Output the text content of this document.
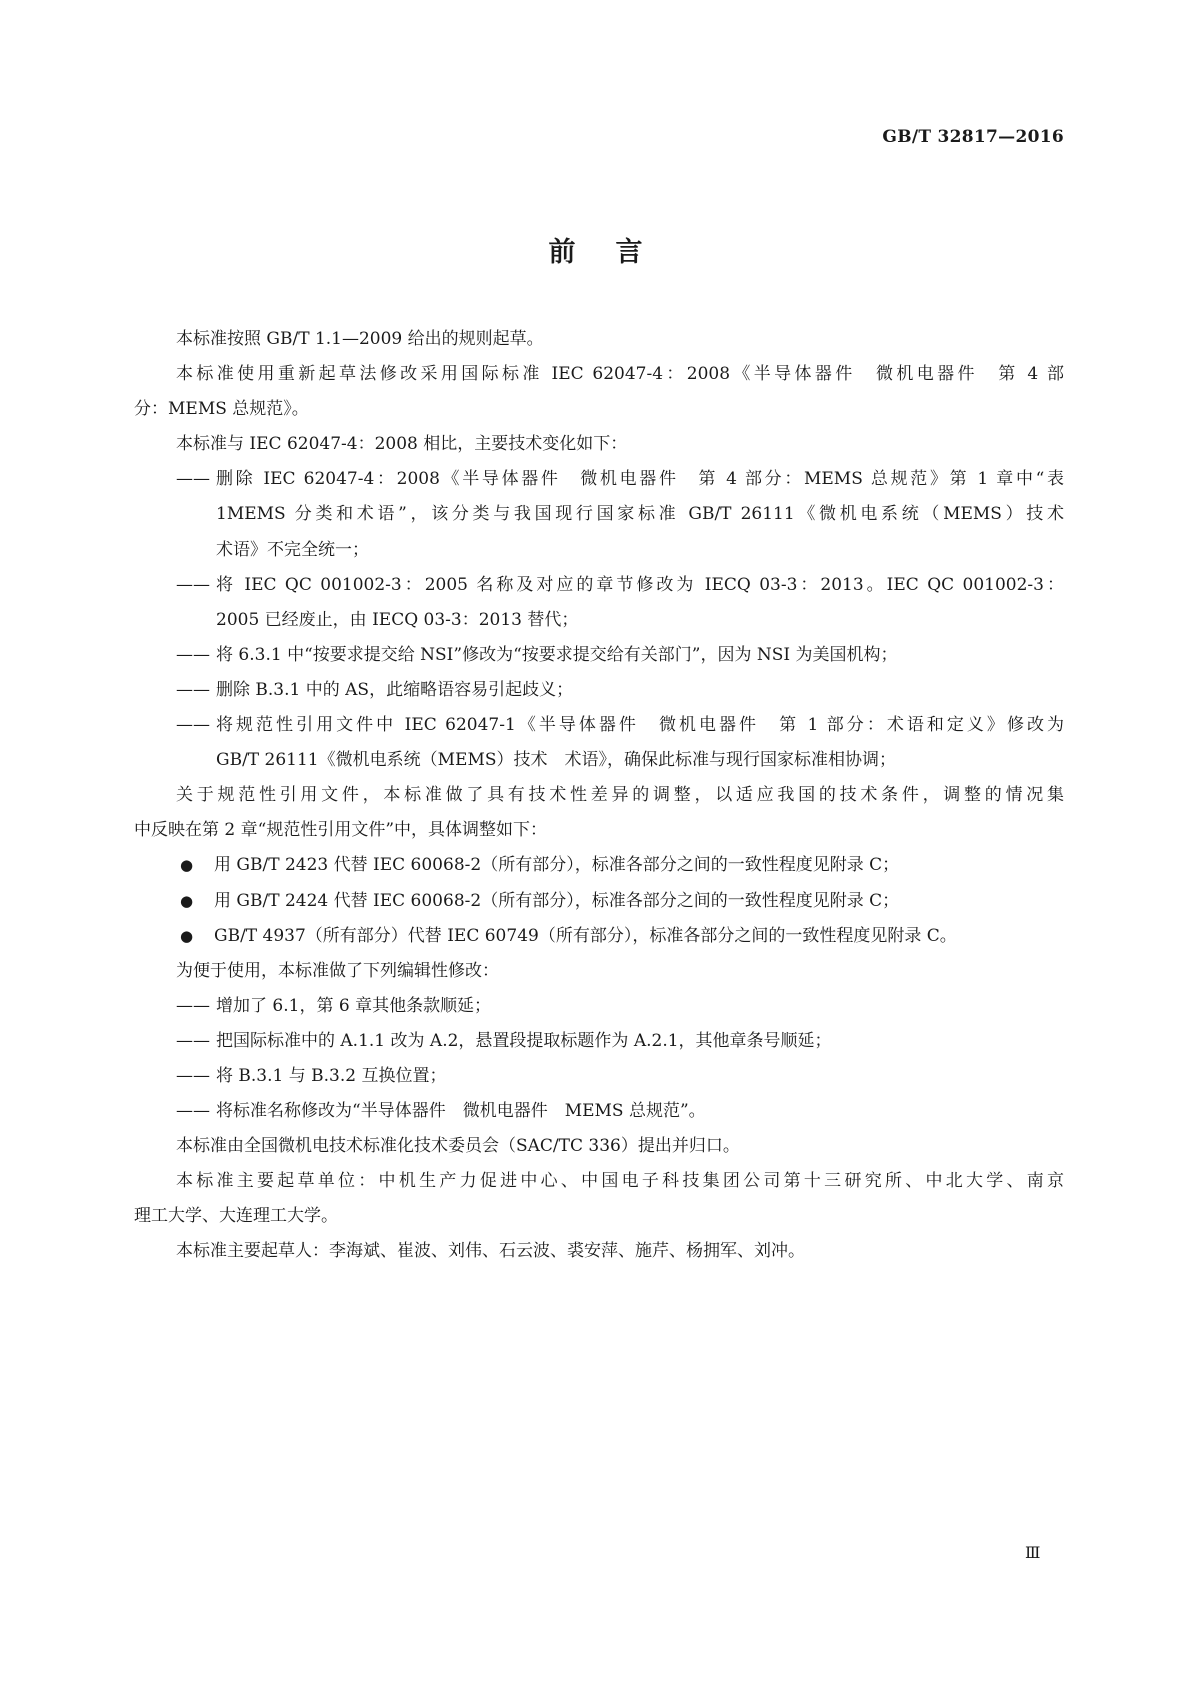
GB/T 32817—2016
前言
本标准按照 GB/T 1.1—2009 给出的规则起草。
本标准使用重新起草法修改采用国际标准 IEC 62047-4：2008《半导体器件　微机电器件　第 4 部
分：MEMS 总规范》。
本标准与 IEC 62047-4：2008 相比，主要技术变化如下：
—— 删除 IEC 62047-4：2008《半导体器件　微机电器件　第 4 部分：MEMS 总规范》第 1 章中“表
1MEMS 分类和术语”，该分类与我国现行国家标准 GB/T 26111《微机电系统（MEMS）技术
术语》不完全统一；
—— 将 IEC QC 001002-3：2005 名称及对应的章节修改为 IECQ 03-3：2013。IEC QC 001002-3：
2005 已经废止，由 IECQ 03-3：2013 替代；
—— 将 6.3.1 中“按要求提交给 NSI”修改为“按要求提交给有关部门”，因为 NSI 为美国机构；
—— 删除 B.3.1 中的 AS，此缩略语容易引起歧义；
—— 将规范性引用文件中 IEC 62047-1《半导体器件　微机电器件　第 1 部分：术语和定义》修改为
GB/T 26111《微机电系统（MEMS）技术　术语》，确保此标准与现行国家标准相协调；
关于规范性引用文件，本标准做了具有技术性差异的调整，以适应我国的技术条件，调整的情况集
中反映在第 2 章“规范性引用文件”中，具体调整如下：
● 用 GB/T 2423 代替 IEC 60068-2（所有部分），标准各部分之间的一致性程度见附录 C；
● 用 GB/T 2424 代替 IEC 60068-2（所有部分），标准各部分之间的一致性程度见附录 C；
● GB/T 4937（所有部分）代替 IEC 60749（所有部分），标准各部分之间的一致性程度见附录 C。
为便于使用，本标准做了下列编辑性修改：
—— 增加了 6.1，第 6 章其他条款顺延；
—— 把国际标准中的 A.1.1 改为 A.2，悬置段提取标题作为 A.2.1，其他章条号顺延；
—— 将 B.3.1 与 B.3.2 互换位置；
—— 将标准名称修改为“半导体器件　微机电器件　MEMS 总规范”。
本标准由全国微机电技术标准化技术委员会（SAC/TC 336）提出并归口。
本标准主要起草单位：中机生产力促进中心、中国电子科技集团公司第十三研究所、中北大学、南京
理工大学、大连理工大学。
本标准主要起草人：李海斌、崔波、刘伟、石云波、裘安萍、施芹、杨拥军、刘冲。
Ⅲ
